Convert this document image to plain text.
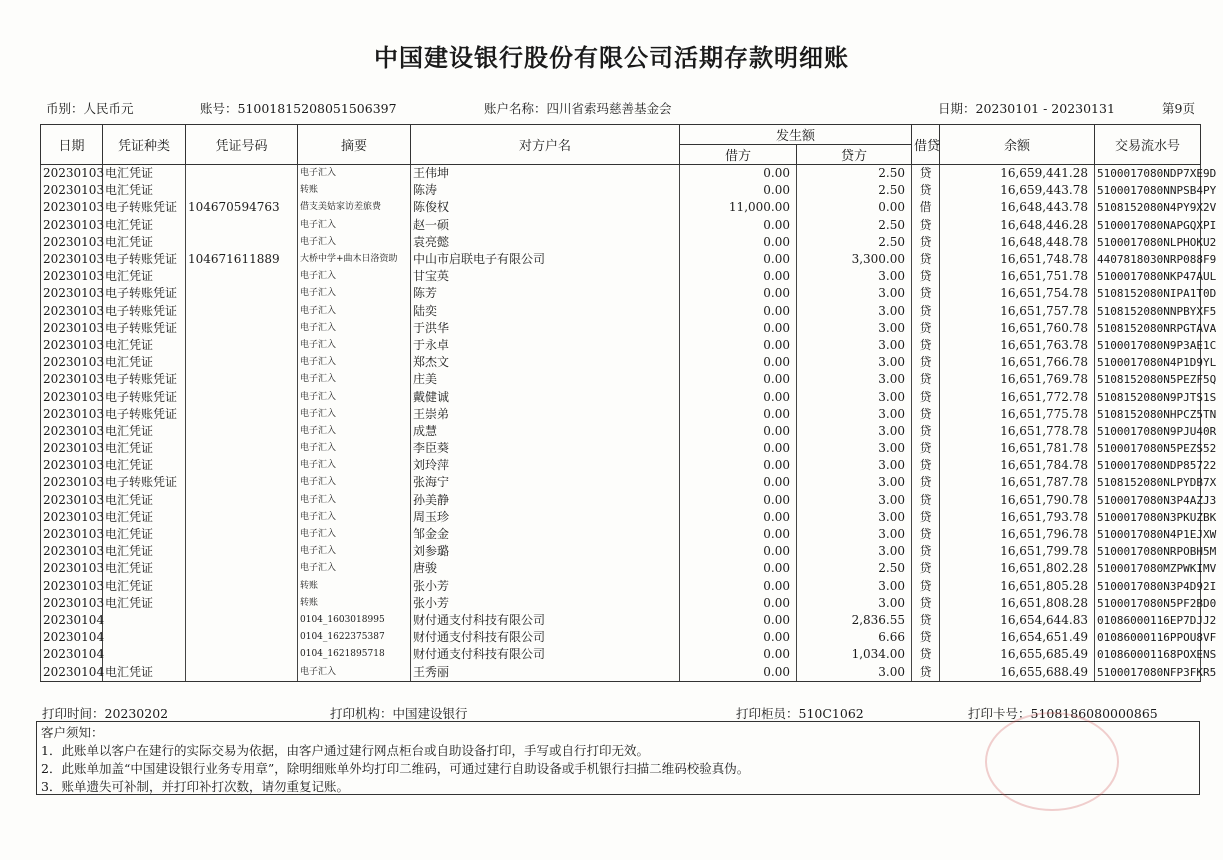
中国建设银行股份有限公司活期存款明细账
币别：人民币元	账号：51001815208051506397	账户名称：四川省索玛慈善基金会	日期：20230101 - 20230131	第9页
日期	凭证种类	凭证号码	摘要	对方户名	发生额		借贷	余额	交易流水号
					借方	贷方			
20230103	电汇凭证		电子汇入	王伟坤	0.00	2.50	贷	16,659,441.28	5100017080NDP7XE9D
20230103	电汇凭证		转账	陈涛	0.00	2.50	贷	16,659,443.78	5100017080NNPSB4PY
20230103	电子转账凭证	104670594763	借支美姑家访差旅费	陈俊权	11,000.00	0.00	借	16,648,443.78	5108152080N4PY9X2V
20230103	电汇凭证		电子汇入	赵一硕	0.00	2.50	贷	16,648,446.28	5100017080NAPGQXPI
20230103	电汇凭证		电子汇入	袁亮懿	0.00	2.50	贷	16,648,448.78	5100017080NLPHOKU2
20230103	电子转账凭证	104671611889	大桥中学+曲木日洛资助	中山市启联电子有限公司	0.00	3,300.00	贷	16,651,748.78	4407818030NRP088F9
20230103	电汇凭证		电子汇入	甘宝英	0.00	3.00	贷	16,651,751.78	5100017080NKP47AUL
20230103	电子转账凭证		电子汇入	陈芳	0.00	3.00	贷	16,651,754.78	5108152080NIPA1T0D
20230103	电子转账凭证		电子汇入	陆奕	0.00	3.00	贷	16,651,757.78	5108152080NNPBYXF5
20230103	电子转账凭证		电子汇入	于洪华	0.00	3.00	贷	16,651,760.78	5108152080NRPGTAVA
20230103	电汇凭证		电子汇入	于永卓	0.00	3.00	贷	16,651,763.78	5100017080N9P3AE1C
20230103	电汇凭证		电子汇入	郑杰文	0.00	3.00	贷	16,651,766.78	5100017080N4P1D9YL
20230103	电子转账凭证		电子汇入	庄美	0.00	3.00	贷	16,651,769.78	5108152080N5PEZF5Q
20230103	电子转账凭证		电子汇入	戴健诚	0.00	3.00	贷	16,651,772.78	5108152080N9PJTS1S
20230103	电子转账凭证		电子汇入	王崇弟	0.00	3.00	贷	16,651,775.78	5108152080NHPCZ5TN
20230103	电汇凭证		电子汇入	成慧	0.00	3.00	贷	16,651,778.78	5100017080N9PJU40R
20230103	电汇凭证		电子汇入	李臣葵	0.00	3.00	贷	16,651,781.78	5100017080N5PEZS52
20230103	电汇凭证		电子汇入	刘玲萍	0.00	3.00	贷	16,651,784.78	5100017080NDP85722
20230103	电子转账凭证		电子汇入	张海宁	0.00	3.00	贷	16,651,787.78	5108152080NLPYDB7X
20230103	电汇凭证		电子汇入	孙美静	0.00	3.00	贷	16,651,790.78	5100017080N3P4AZJ3
20230103	电汇凭证		电子汇入	周玉珍	0.00	3.00	贷	16,651,793.78	5100017080N3PKUZBK
20230103	电汇凭证		电子汇入	邹金金	0.00	3.00	贷	16,651,796.78	5100017080N4P1EJXW
20230103	电汇凭证		电子汇入	刘参璐	0.00	3.00	贷	16,651,799.78	5100017080NRPOBH5M
20230103	电汇凭证		电子汇入	唐骏	0.00	2.50	贷	16,651,802.28	5100017080MZPWKIMV
20230103	电汇凭证		转账	张小芳	0.00	3.00	贷	16,651,805.28	5100017080N3P4D92I
20230103	电汇凭证		转账	张小芳	0.00	3.00	贷	16,651,808.28	5100017080N5PF2BD0
20230104			0104_1603018995	财付通支付科技有限公司	0.00	2,836.55	贷	16,654,644.83	01086000116EP7DJJ2
20230104			0104_1622375387	财付通支付科技有限公司	0.00	6.66	贷	16,654,651.49	01086000116PPOU8VF
20230104			0104_1621895718	财付通支付科技有限公司	0.00	1,034.00	贷	16,655,685.49	010860001168POXENS
20230104	电汇凭证		电子汇入	王秀丽	0.00	3.00	贷	16,655,688.49	5100017080NFP3FKR5
打印时间：20230202	打印机构：中国建设银行	打印柜员：510C1062	打印卡号：5108186080000865
客户须知：
1．此账单以客户在建行的实际交易为依据，由客户通过建行网点柜台或自助设备打印，手写或自行打印无效。
2．此账单加盖“中国建设银行业务专用章”，除明细账单外均打印二维码，可通过建行自助设备或手机银行扫描二维码校验真伪。
3．账单遗失可补制，并打印补打次数，请勿重复记账。
